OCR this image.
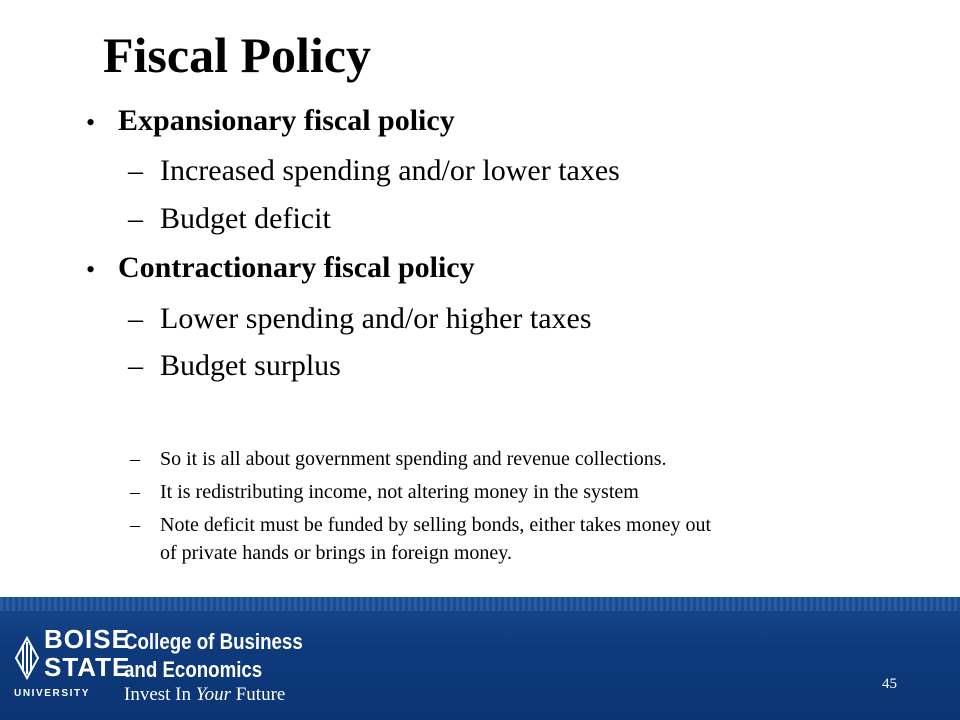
Fiscal Policy
• Expansionary fiscal policy
– Increased spending and/or lower taxes
– Budget deficit
• Contractionary fiscal policy
– Lower spending and/or higher taxes
– Budget surplus
– So it is all about government spending and revenue collections.
– It is redistributing income, not altering money in the system
– Note deficit must be funded by selling bonds, either takes money out
of private hands or brings in foreign money.
BOISE
STATE
UNIVERSITY
College of Business
and Economics
Invest In Your Future	45
